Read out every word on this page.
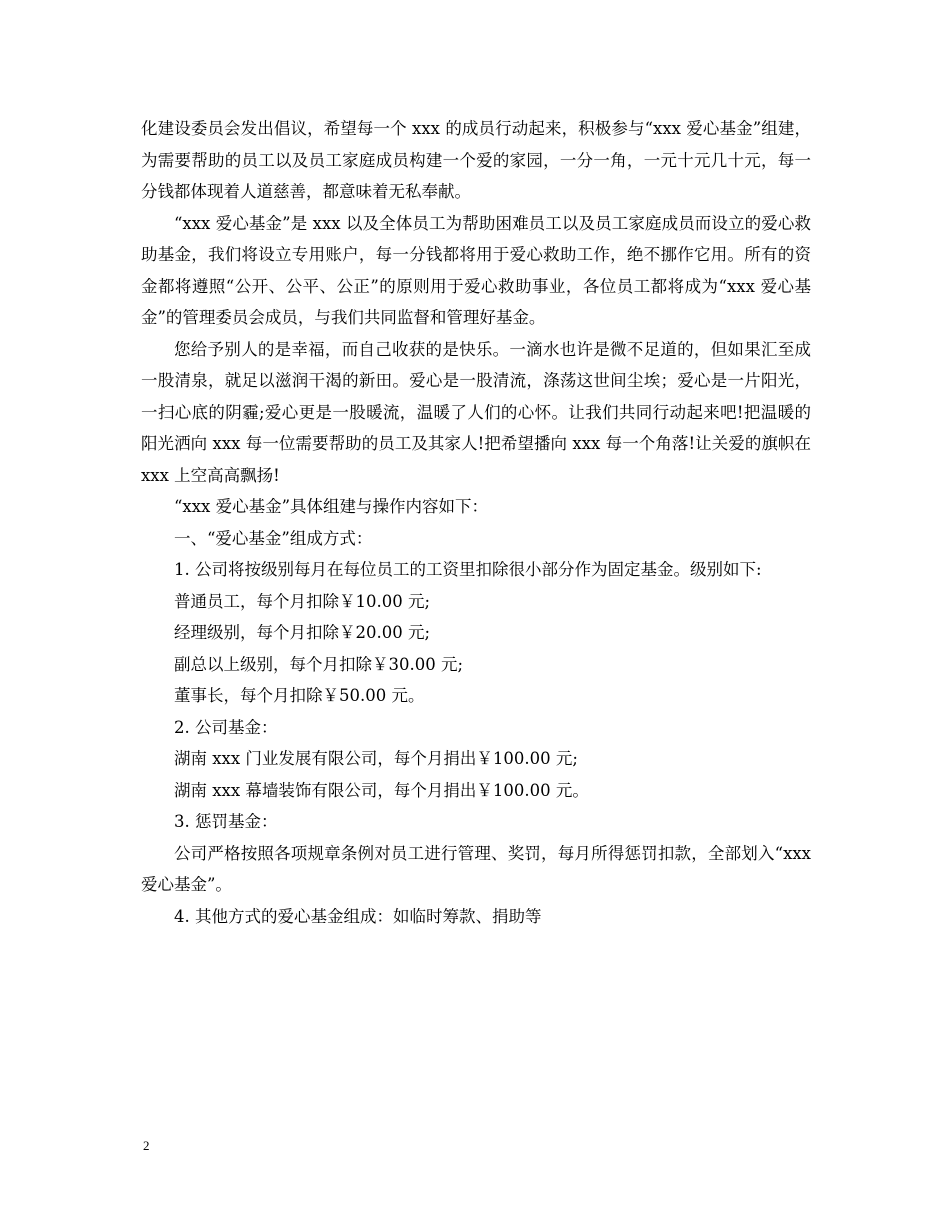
化建设委员会发出倡议，希望每一个 xxx 的成员行动起来，积极参与“xxx 爱心基金”组建，为需要帮助的员工以及员工家庭成员构建一个爱的家园，一分一角，一元十元几十元，每一分钱都体现着人道慈善，都意味着无私奉献。

“xxx 爱心基金”是 xxx 以及全体员工为帮助困难员工以及员工家庭成员而设立的爱心救助基金，我们将设立专用账户，每一分钱都将用于爱心救助工作，绝不挪作它用。所有的资金都将遵照“公开、公平、公正”的原则用于爱心救助事业，各位员工都将成为“xxx 爱心基金”的管理委员会成员，与我们共同监督和管理好基金。

您给予别人的是幸福，而自己收获的是快乐。一滴水也许是微不足道的，但如果汇至成一股清泉，就足以滋润干渴的新田。爱心是一股清流，涤荡这世间尘埃；爱心是一片阳光，一扫心底的阴霾;爱心更是一股暖流，温暖了人们的心怀。让我们共同行动起来吧!把温暖的阳光洒向 xxx 每一位需要帮助的员工及其家人!把希望播向 xxx 每一个角落!让关爱的旗帜在 xxx 上空高高飘扬!

“xxx 爱心基金”具体组建与操作内容如下：

一、“爱心基金”组成方式：

1. 公司将按级别每月在每位员工的工资里扣除很小部分作为固定基金。级别如下:

普通员工，每个月扣除￥10.00 元;

经理级别，每个月扣除￥20.00 元;

副总以上级别，每个月扣除￥30.00 元;

董事长，每个月扣除￥50.00 元。

2. 公司基金：

湖南 xxx 门业发展有限公司，每个月捐出￥100.00 元;

湖南 xxx 幕墙装饰有限公司，每个月捐出￥100.00 元。

3. 惩罚基金：

公司严格按照各项规章条例对员工进行管理、奖罚，每月所得惩罚扣款，全部划入“xxx 爱心基金”。

4. 其他方式的爱心基金组成：如临时筹款、捐助等

2
